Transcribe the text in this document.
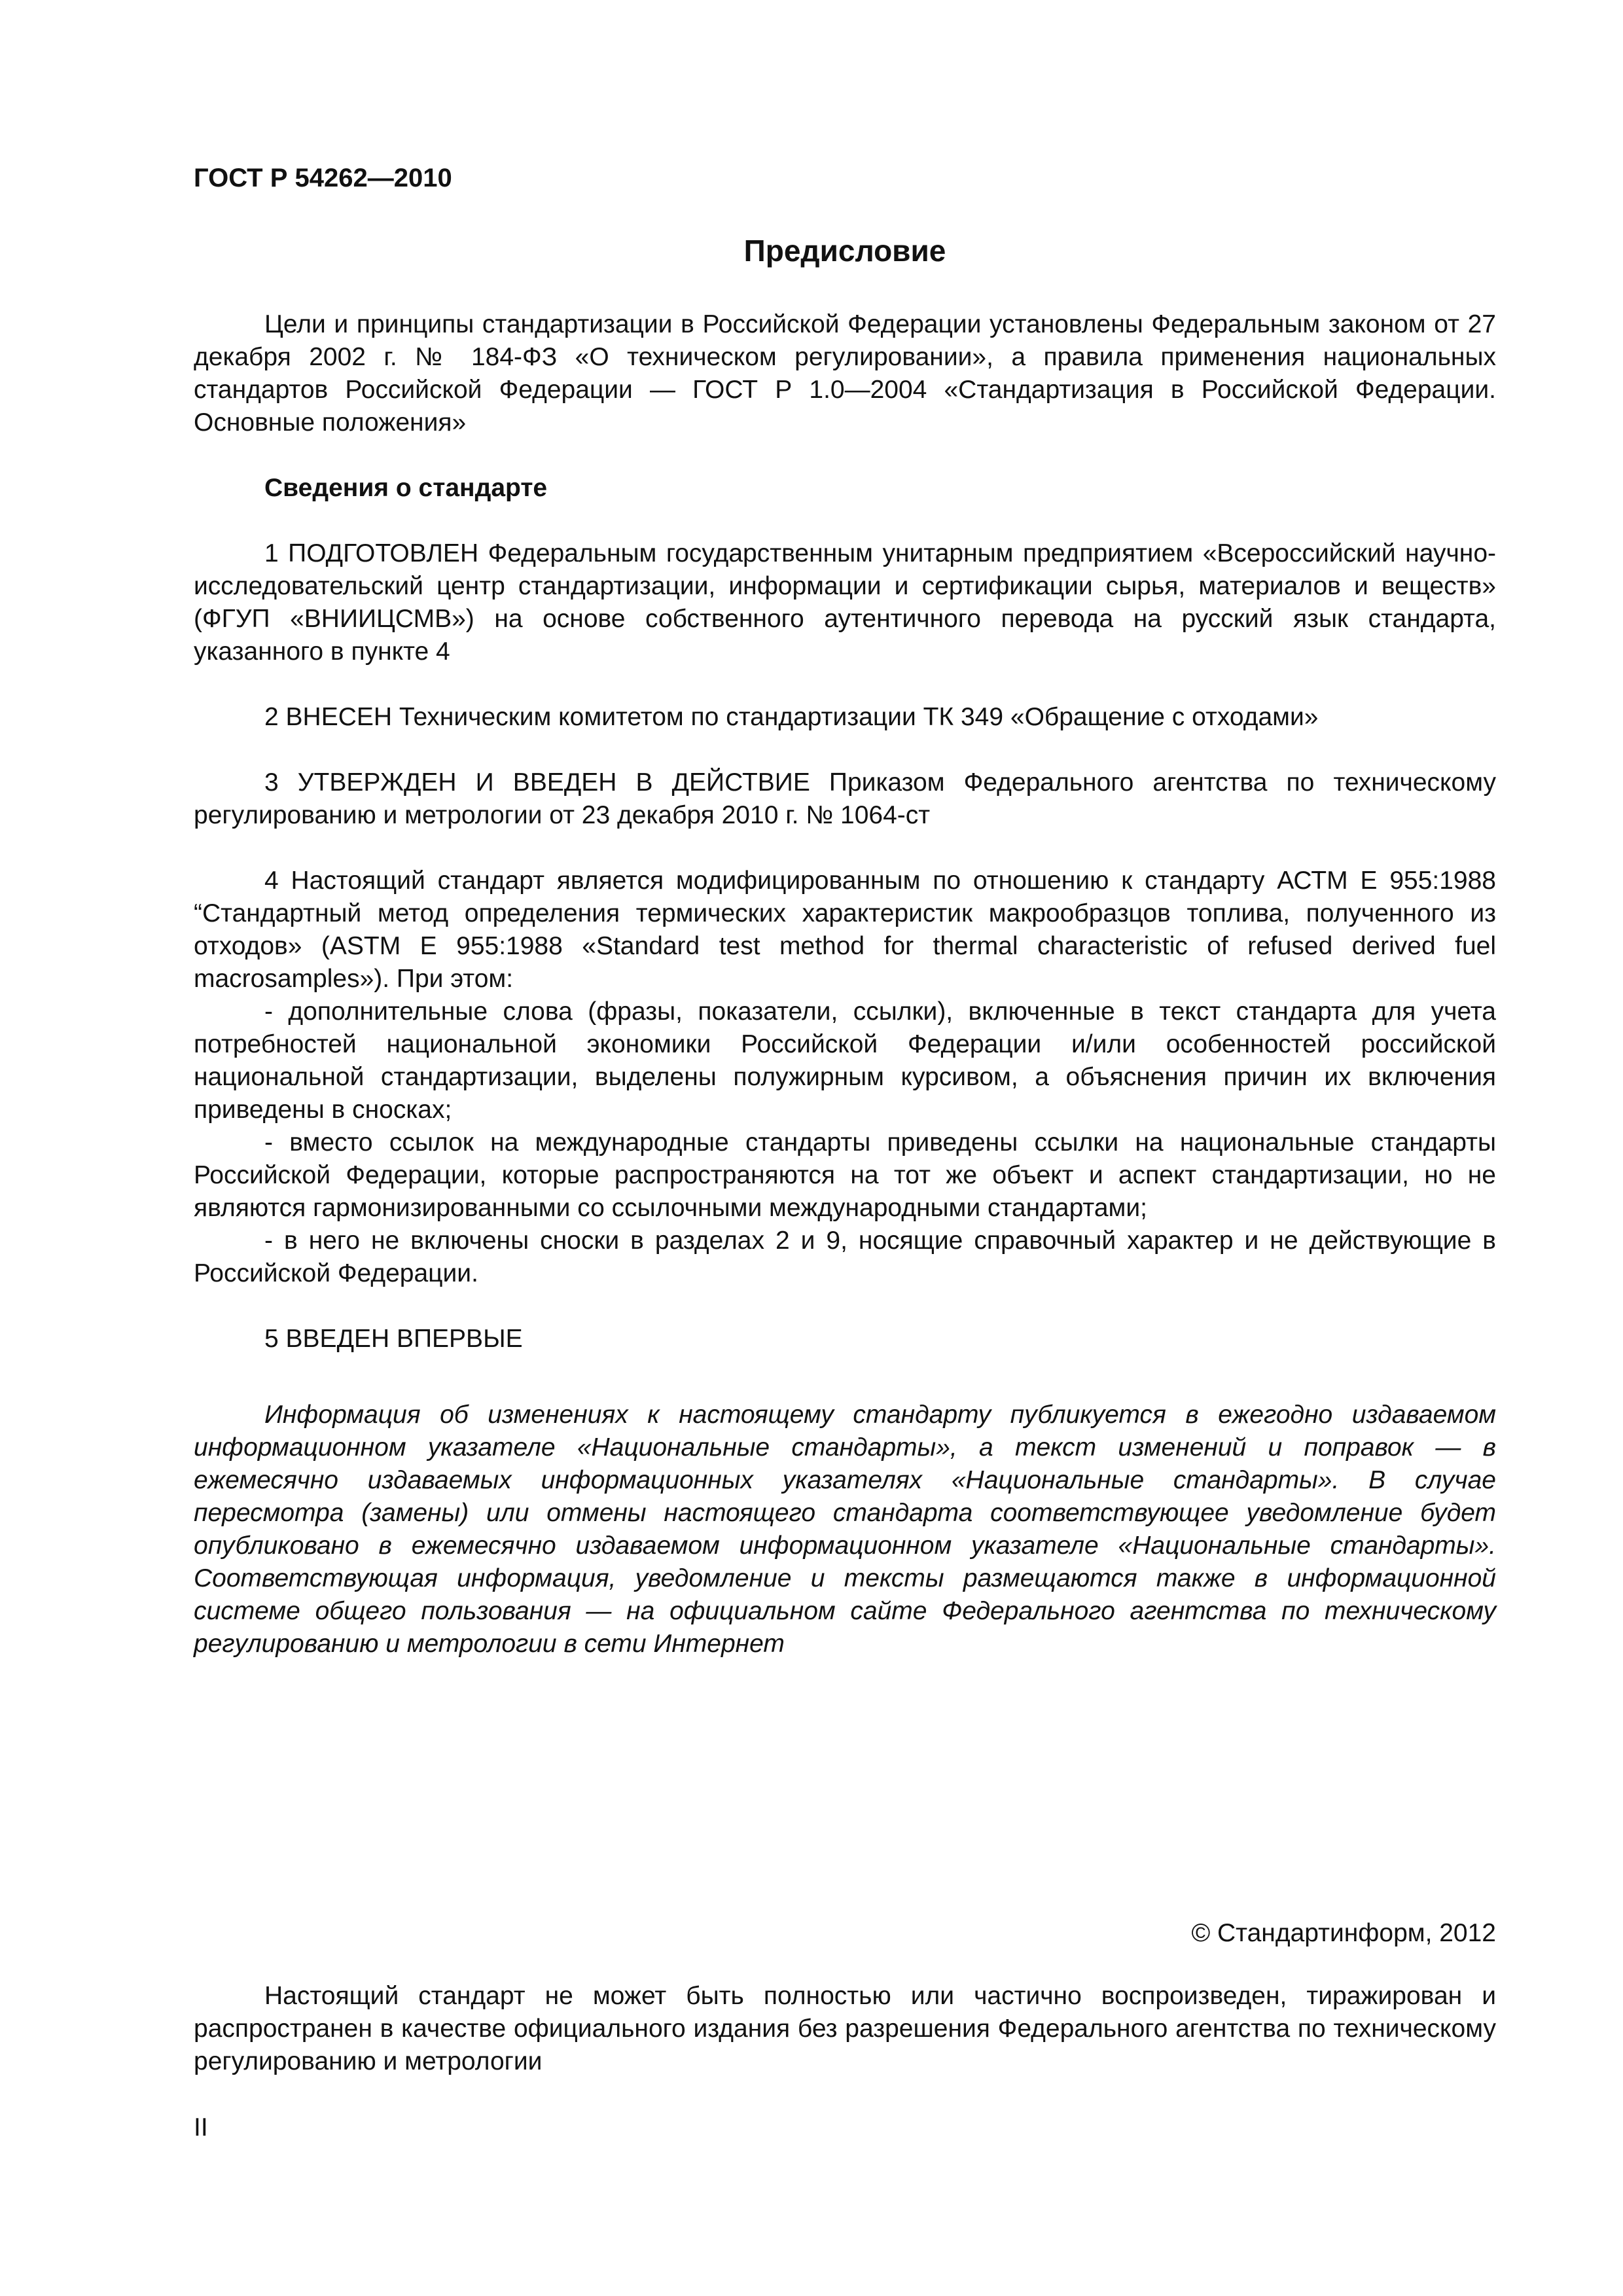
ГОСТ Р 54262—2010
Предисловие

Цели и принципы стандартизации в Российской Федерации установлены Федеральным законом от 27 декабря 2002 г. № 184-ФЗ «О техническом регулировании», а правила применения национальных стандартов Российской Федерации — ГОСТ Р 1.0—2004 «Стандартизация в Российской Федерации. Основные положения»

Сведения о стандарте

1 ПОДГОТОВЛЕН Федеральным государственным унитарным предприятием «Всероссийский научно-исследовательский центр стандартизации, информации и сертификации сырья, материалов и веществ» (ФГУП «ВНИИЦСМВ») на основе собственного аутентичного перевода на русский язык стандарта, указанного в пункте 4

2 ВНЕСЕН Техническим комитетом по стандартизации ТК 349 «Обращение с отходами»

3 УТВЕРЖДЕН И ВВЕДЕН В ДЕЙСТВИЕ Приказом Федерального агентства по техническому регулированию и метрологии от 23 декабря 2010 г. № 1064-ст

4 Настоящий стандарт является модифицированным по отношению к стандарту АСТМ Е 955:1988 “Стандартный метод определения термических характеристик макрообразцов топлива, полученного из отходов» (ASTM E 955:1988 «Standard test method for thermal characteristic of refused derived fuel macrosamples»). При этом:

- дополнительные слова (фразы, показатели, ссылки), включенные в текст стандарта для учета потребностей национальной экономики Российской Федерации и/или особенностей российской национальной стандартизации, выделены полужирным курсивом, а объяснения причин их включения приведены в сносках;

- вместо ссылок на международные стандарты приведены ссылки на национальные стандарты Российской Федерации, которые распространяются на тот же объект и аспект стандартизации, но не являются гармонизированными со ссылочными международными стандартами;

- в него не включены сноски в разделах 2 и 9, носящие справочный характер и не действующие в Российской Федерации.

5 ВВЕДЕН ВПЕРВЫЕ

Информация об изменениях к настоящему стандарту публикуется в ежегодно издаваемом информационном указателе «Национальные стандарты», а текст изменений и поправок — в ежемесячно издаваемых информационных указателях «Национальные стандарты». В случае пересмотра (замены) или отмены настоящего стандарта соответствующее уведомление будет опубликовано в ежемесячно издаваемом информационном указателе «Национальные стандарты». Соответствующая информация, уведомление и тексты размещаются также в информационной системе общего пользования — на официальном сайте Федерального агентства по техническому регулированию и метрологии в сети Интернет

© Стандартинформ, 2012

Настоящий стандарт не может быть полностью или частично воспроизведен, тиражирован и распространен в качестве официального издания без разрешения Федерального агентства по техническому регулированию и метрологии

II
